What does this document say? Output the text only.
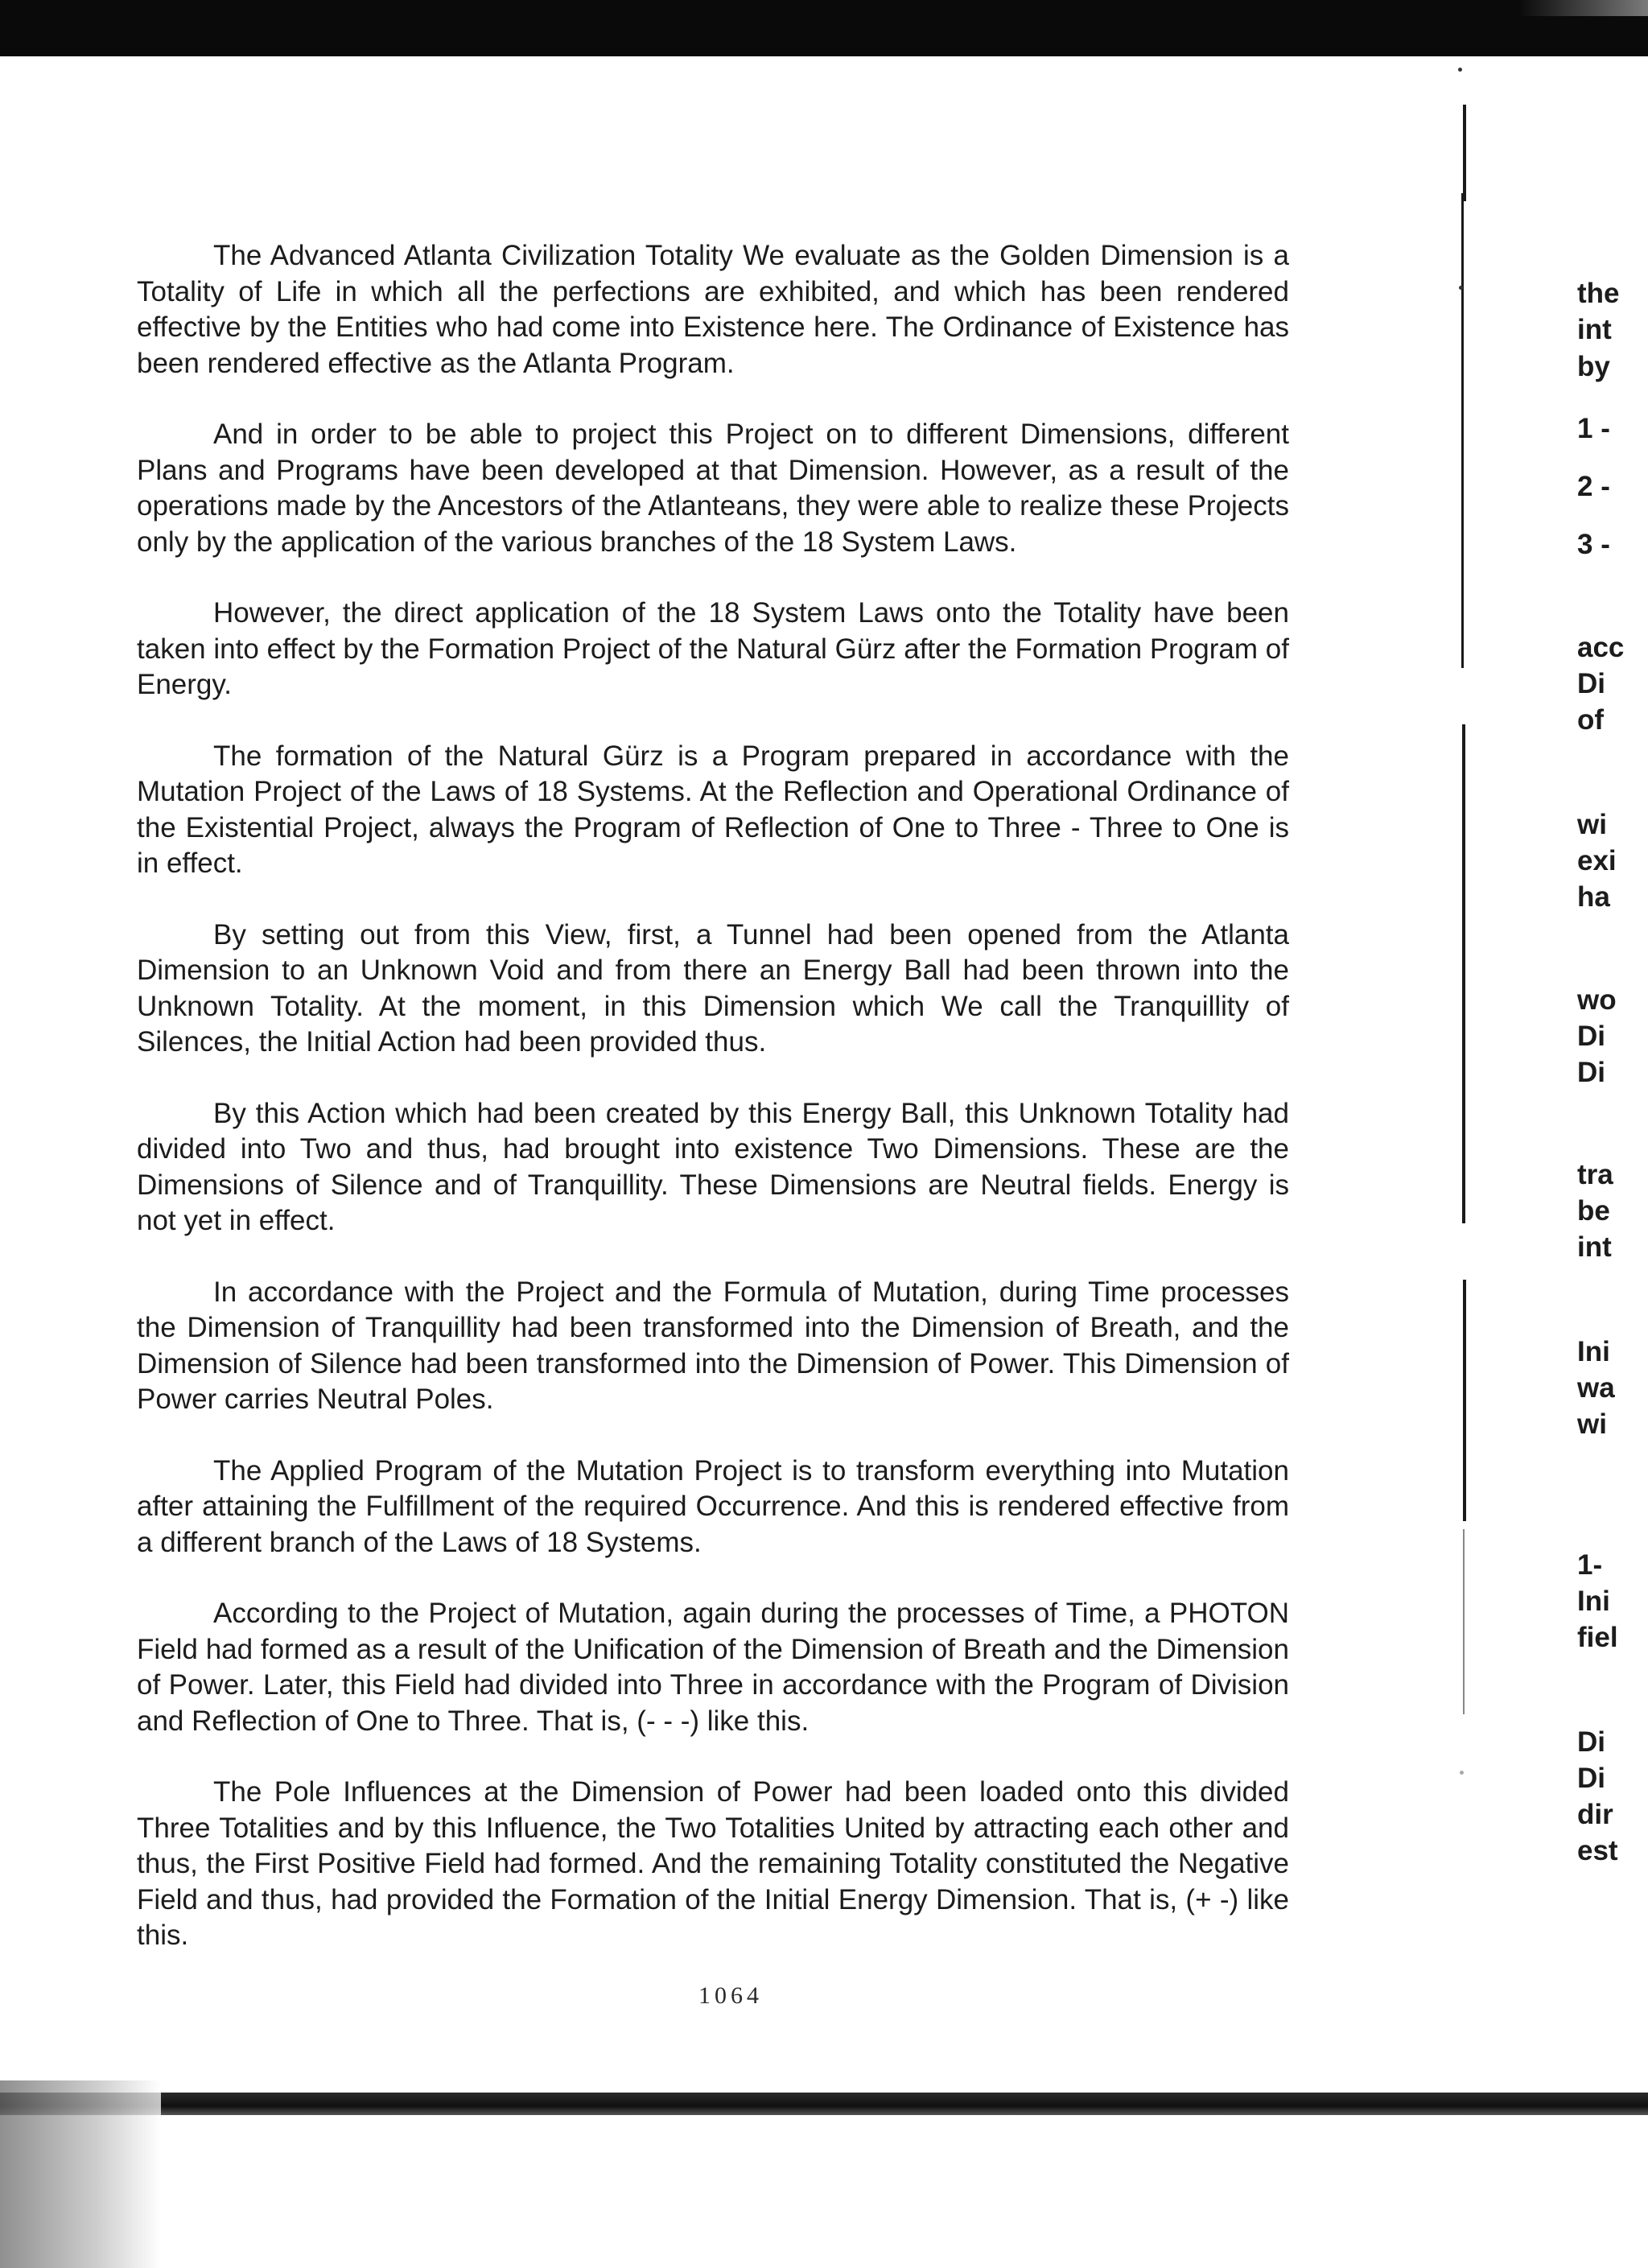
The Advanced Atlanta Civilization Totality We evaluate as the Golden Dimension is a Totality of Life in which all the perfections are exhibited, and which has been rendered effective by the Entities who had come into Existence here. The Ordinance of Existence has been rendered effective as the Atlanta Program.

And in order to be able to project this Project on to different Dimensions, different Plans and Programs have been developed at that Dimension. However, as a result of the operations made by the Ancestors of the Atlanteans, they were able to realize these Projects only by the application of the various branches of the 18 System Laws.

However, the direct application of the 18 System Laws onto the Totality have been taken into effect by the Formation Project of the Natural Gürz after the Formation Program of Energy.

The formation of the Natural Gürz is a Program prepared in accordance with the Mutation Project of the Laws of 18 Systems. At the Reflection and Operational Ordinance of the Existential Project, always the Program of Reflection of One to Three - Three to One is in effect.

By setting out from this View, first, a Tunnel had been opened from the Atlanta Dimension to an Unknown Void and from there an Energy Ball had been thrown into the Unknown Totality. At the moment, in this Dimension which We call the Tranquillity of Silences, the Initial Action had been provided thus.

By this Action which had been created by this Energy Ball, this Unknown Totality had divided into Two and thus, had brought into existence Two Dimensions. These are the Dimensions of Silence and of Tranquillity. These Dimensions are Neutral fields. Energy is not yet in effect.

In accordance with the Project and the Formula of Mutation, during Time processes the Dimension of Tranquillity had been transformed into the Dimension of Breath, and the Dimension of Silence had been transformed into the Dimension of Power. This Dimension of Power carries Neutral Poles.

The Applied Program of the Mutation Project is to transform everything into Mutation after attaining the Fulfillment of the required Occurrence. And this is rendered effective from a different branch of the Laws of 18 Systems.

According to the Project of Mutation, again during the processes of Time, a PHOTON Field had formed as a result of the Unification of the Dimension of Breath and the Dimension of Power. Later, this Field had divided into Three in accordance with the Program of Division and Reflection of One to Three. That is, (- - -) like this.

The Pole Influences at the Dimension of Power had been loaded onto this divided Three Totalities and by this Influence, the Two Totalities United by attracting each other and thus, the First Positive Field had formed. And the remaining Totality constituted the Negative Field and thus, had provided the Formation of the Initial Energy Dimension. That is, (+ -) like this.

1064
the
int
by
1 -
2 -
3 -
acc
Di
of
wi
exi
ha
wo
Di
Di
tra
be
int
Ini
wa
wi
1-
Ini
fiel
Di
Di
dir
est
